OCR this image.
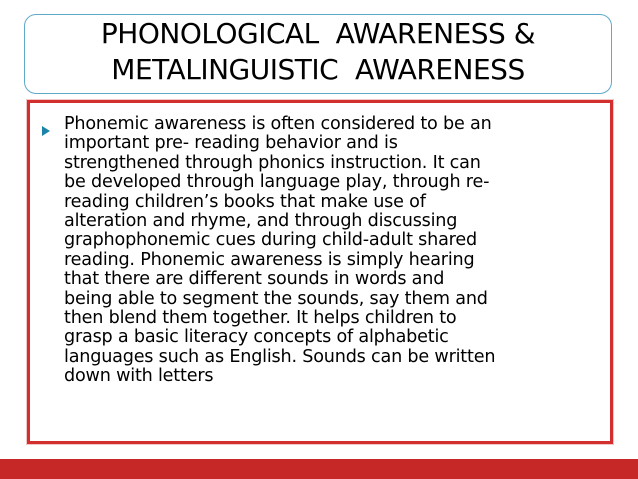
PHONOLOGICAL  AWARENESS &
METALINGUISTIC  AWARENESS
Phonemic awareness is often considered to be an
important pre- reading behavior and is
strengthened through phonics instruction. It can
be developed through language play, through re-
reading children’s books that make use of
alteration and rhyme, and through discussing
graphophonemic cues during child-adult shared
reading. Phonemic awareness is simply hearing
that there are different sounds in words and
being able to segment the sounds, say them and
then blend them together. It helps children to
grasp a basic literacy concepts of alphabetic
languages such as English. Sounds can be written
down with letters
